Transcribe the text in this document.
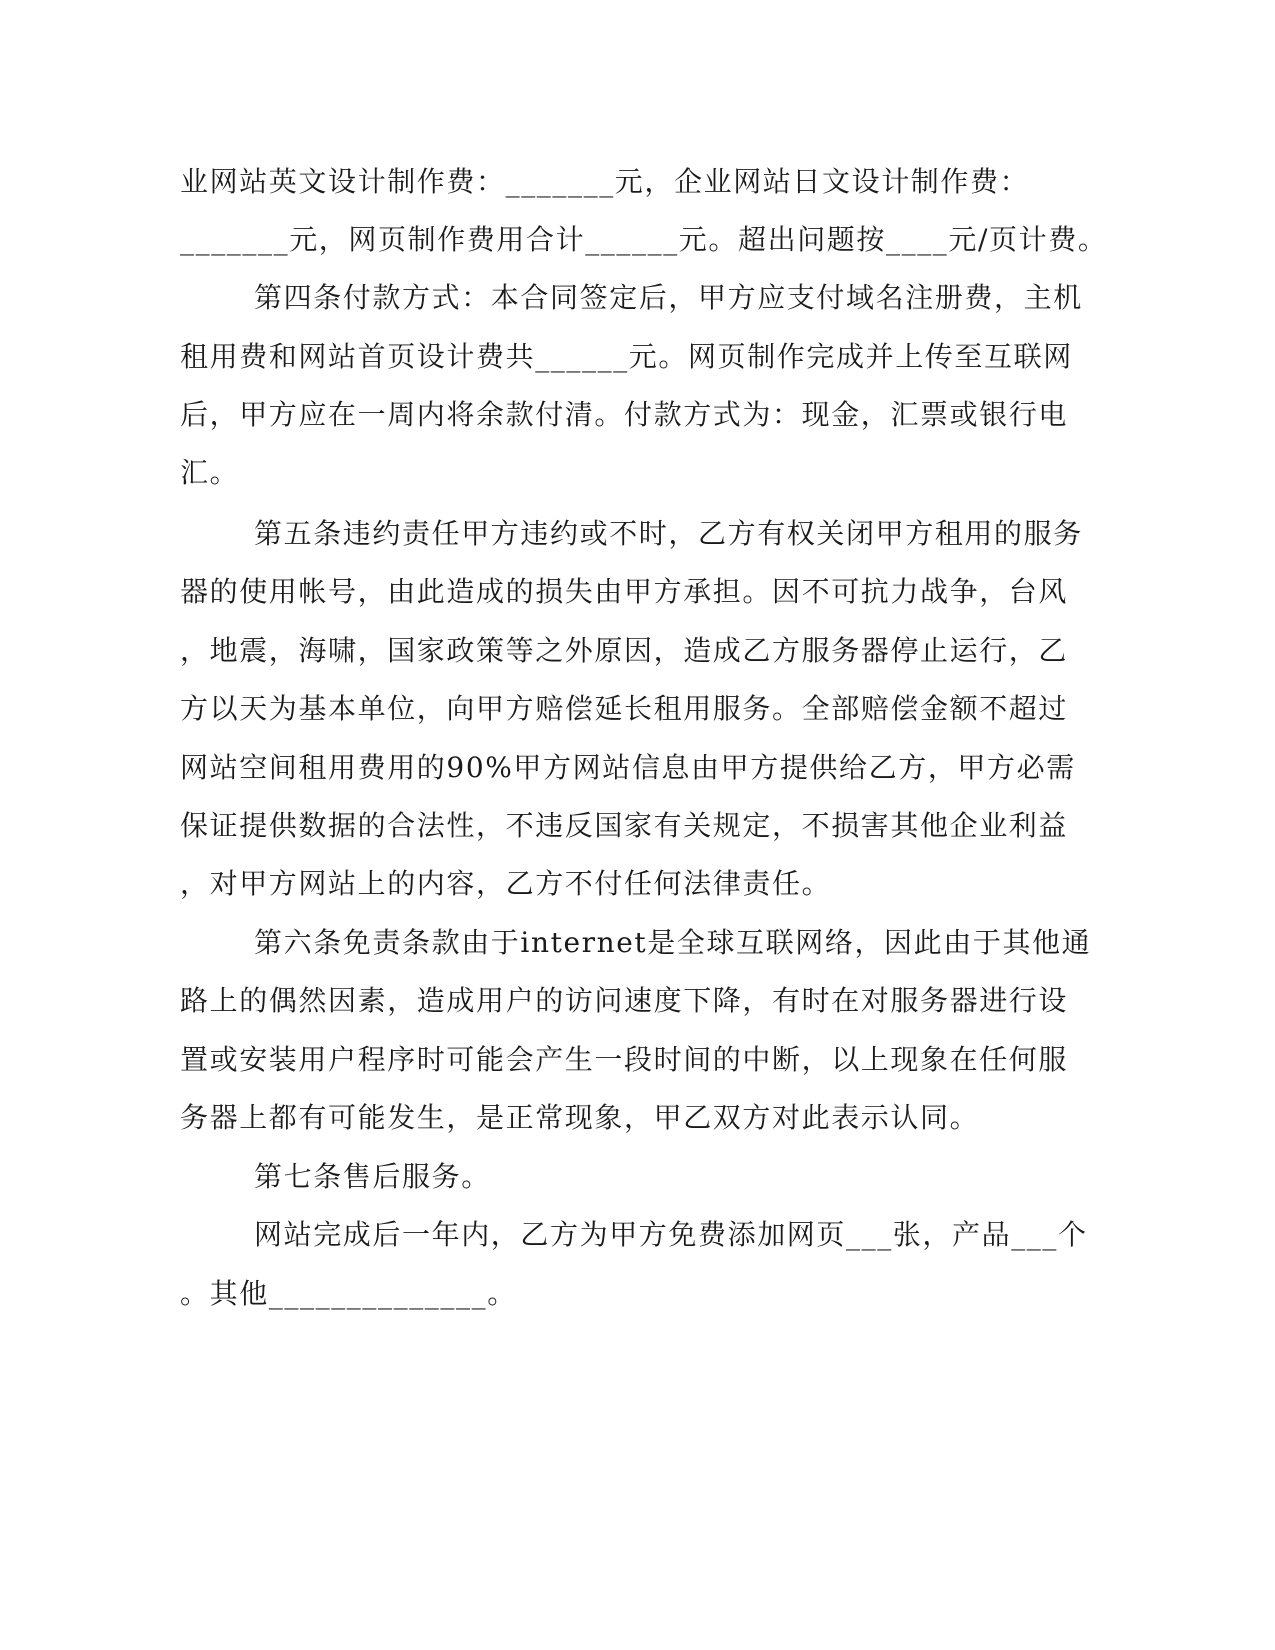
业网站英文设计制作费：_______元，企业网站日文设计制作费：
_______元，网页制作费用合计______元。超出问题按____元/页计费。
第四条付款方式：本合同签定后，甲方应支付域名注册费，主机
租用费和网站首页设计费共______元。网页制作完成并上传至互联网
后，甲方应在一周内将余款付清。付款方式为：现金，汇票或银行电
汇。
第五条违约责任甲方违约或不时，乙方有权关闭甲方租用的服务
器的使用帐号，由此造成的损失由甲方承担。因不可抗力战争，台风
，地震，海啸，国家政策等之外原因，造成乙方服务器停止运行，乙
方以天为基本单位，向甲方赔偿延长租用服务。全部赔偿金额不超过
网站空间租用费用的90%甲方网站信息由甲方提供给乙方，甲方必需
保证提供数据的合法性，不违反国家有关规定，不损害其他企业利益
，对甲方网站上的内容，乙方不付任何法律责任。
第六条免责条款由于internet是全球互联网络，因此由于其他通
路上的偶然因素，造成用户的访问速度下降，有时在对服务器进行设
置或安装用户程序时可能会产生一段时间的中断，以上现象在任何服
务器上都有可能发生，是正常现象，甲乙双方对此表示认同。
第七条售后服务。
网站完成后一年内，乙方为甲方免费添加网页___张，产品___个
。其他______________。
